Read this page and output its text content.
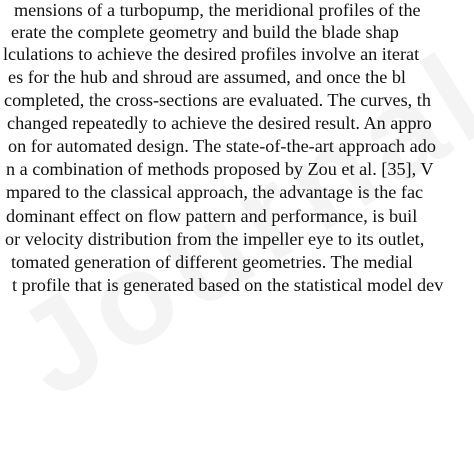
mensions of a turbopump, the meridional profiles of the
erate the complete geometry and build the blade shap
lculations to achieve the desired profiles involve an iterat
es for the hub and shroud are assumed, and once the bl
completed, the cross-sections are evaluated. The curves, th
changed repeatedly to achieve the desired result. An appro
on for automated design. The state-of-the-art approach ado
n a combination of methods proposed by Zou et al. [35], V
mpared to the classical approach, the advantage is the fac
dominant effect on flow pattern and performance, is buil
or velocity distribution from the impeller eye to its outlet,
tomated generation of different geometries. The medial
t profile that is generated based on the statistical model dev
